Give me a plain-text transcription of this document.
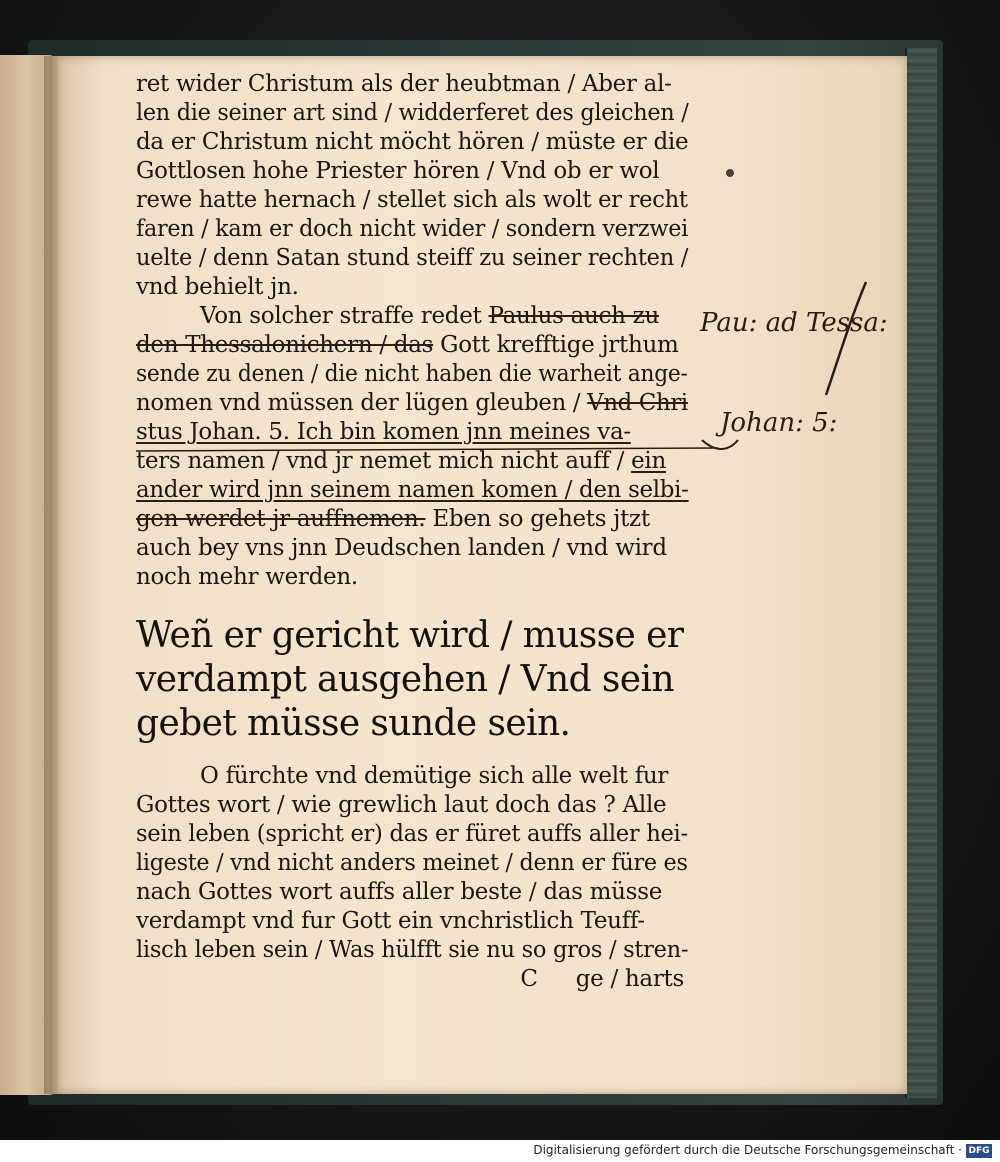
ret wider Christum als der heubtman / Aber al-
len die seiner art sind / widderferet des gleichen /
da er Christum nicht möcht hören / müste er die
Gottlosen hohe Priester hören / Vnd ob er wol
rewe hatte hernach / stellet sich als wolt er recht
faren / kam er doch nicht wider / sondern verzwei
uelte / denn Satan stund steiff zu seiner rechten /
vnd behielt jn.
Von solcher straffe redet Paulus auch zu
den Thessalonichern / das Gott krefftige jrthum
sende zu denen / die nicht haben die warheit ange-
nomen vnd müssen der lügen gleuben / Vnd Chri
stus Johan. 5. Ich bin komen jnn meines va-
ters namen / vnd jr nemet mich nicht auff / ein
ander wird jnn seinem namen komen / den selbi-
gen werdet jr auffnemen. Eben so gehets jtzt
auch bey vns jnn Deudschen landen / vnd wird
noch mehr werden.
Weñ er gericht wird / musse er
verdampt ausgehen / Vnd sein
gebet müsse sunde sein.
O fürchte vnd demütige sich alle welt fur
Gottes wort / wie grewlich laut doch das ? Alle
sein leben (spricht er) das er füret auffs aller hei-
ligeste / vnd nicht anders meinet / denn er füre es
nach Gottes wort auffs aller beste / das müsse
verdampt vnd fur Gott ein vnchristlich Teuff-
lisch leben sein / Was hülfft sie nu so gros / stren-
C ge / harts
Pau: ad Tessa:
Johan: 5:
Digitalisierung gefördert durch die Deutsche Forschungsgemeinschaft · DFG
